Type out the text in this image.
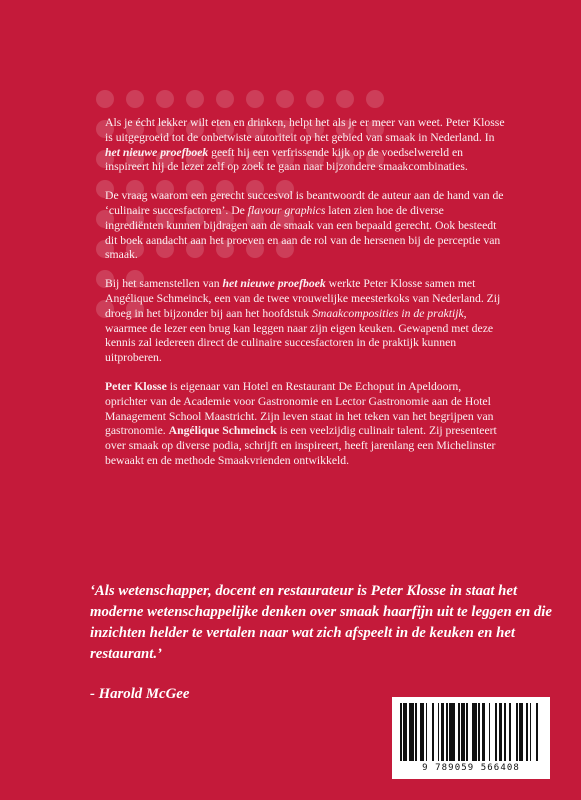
Als je écht lekker wilt eten en drinken, helpt het als je er meer van weet. Peter Klosse is uitgegroeid tot de onbetwiste autoriteit op het gebied van smaak in Nederland. In het nieuwe proefboek geeft hij een verfrissende kijk op de voedselwereld en inspireert hij de lezer zelf op zoek te gaan naar bijzondere smaakcombinaties.

De vraag waarom een gerecht succesvol is beantwoordt de auteur aan de hand van de ‘culinaire succesfactoren’. De flavour graphics laten zien hoe de diverse ingrediënten kunnen bijdragen aan de smaak van een bepaald gerecht. Ook besteedt dit boek aandacht aan het proeven en aan de rol van de hersenen bij de perceptie van smaak.

Bij het samenstellen van het nieuwe proefboek werkte Peter Klosse samen met Angélique Schmeinck, een van de twee vrouwelijke meesterkoks van Nederland. Zij droeg in het bijzonder bij aan het hoofdstuk Smaakcomposities in de praktijk, waarmee de lezer een brug kan leggen naar zijn eigen keuken. Gewapend met deze kennis zal iedereen direct de culinaire succesfactoren in de praktijk kunnen uitproberen.

Peter Klosse is eigenaar van Hotel en Restaurant De Echoput in Apeldoorn, oprichter van de Academie voor Gastronomie en Lector Gastronomie aan de Hotel Management School Maastricht. Zijn leven staat in het teken van het begrijpen van gastronomie. Angélique Schmeinck is een veelzijdig culinair talent. Zij presenteert over smaak op diverse podia, schrijft en inspireert, heeft jarenlang een Michelinster bewaakt en de methode Smaakvrienden ontwikkeld.

‘Als wetenschapper, docent en restaurateur is Peter Klosse in staat het moderne wetenschappelijke denken over smaak haarfijn uit te leggen en die inzichten helder te vertalen naar wat zich afspeelt in de keuken en het restaurant.’
- Harold McGee
9 789059 566408
